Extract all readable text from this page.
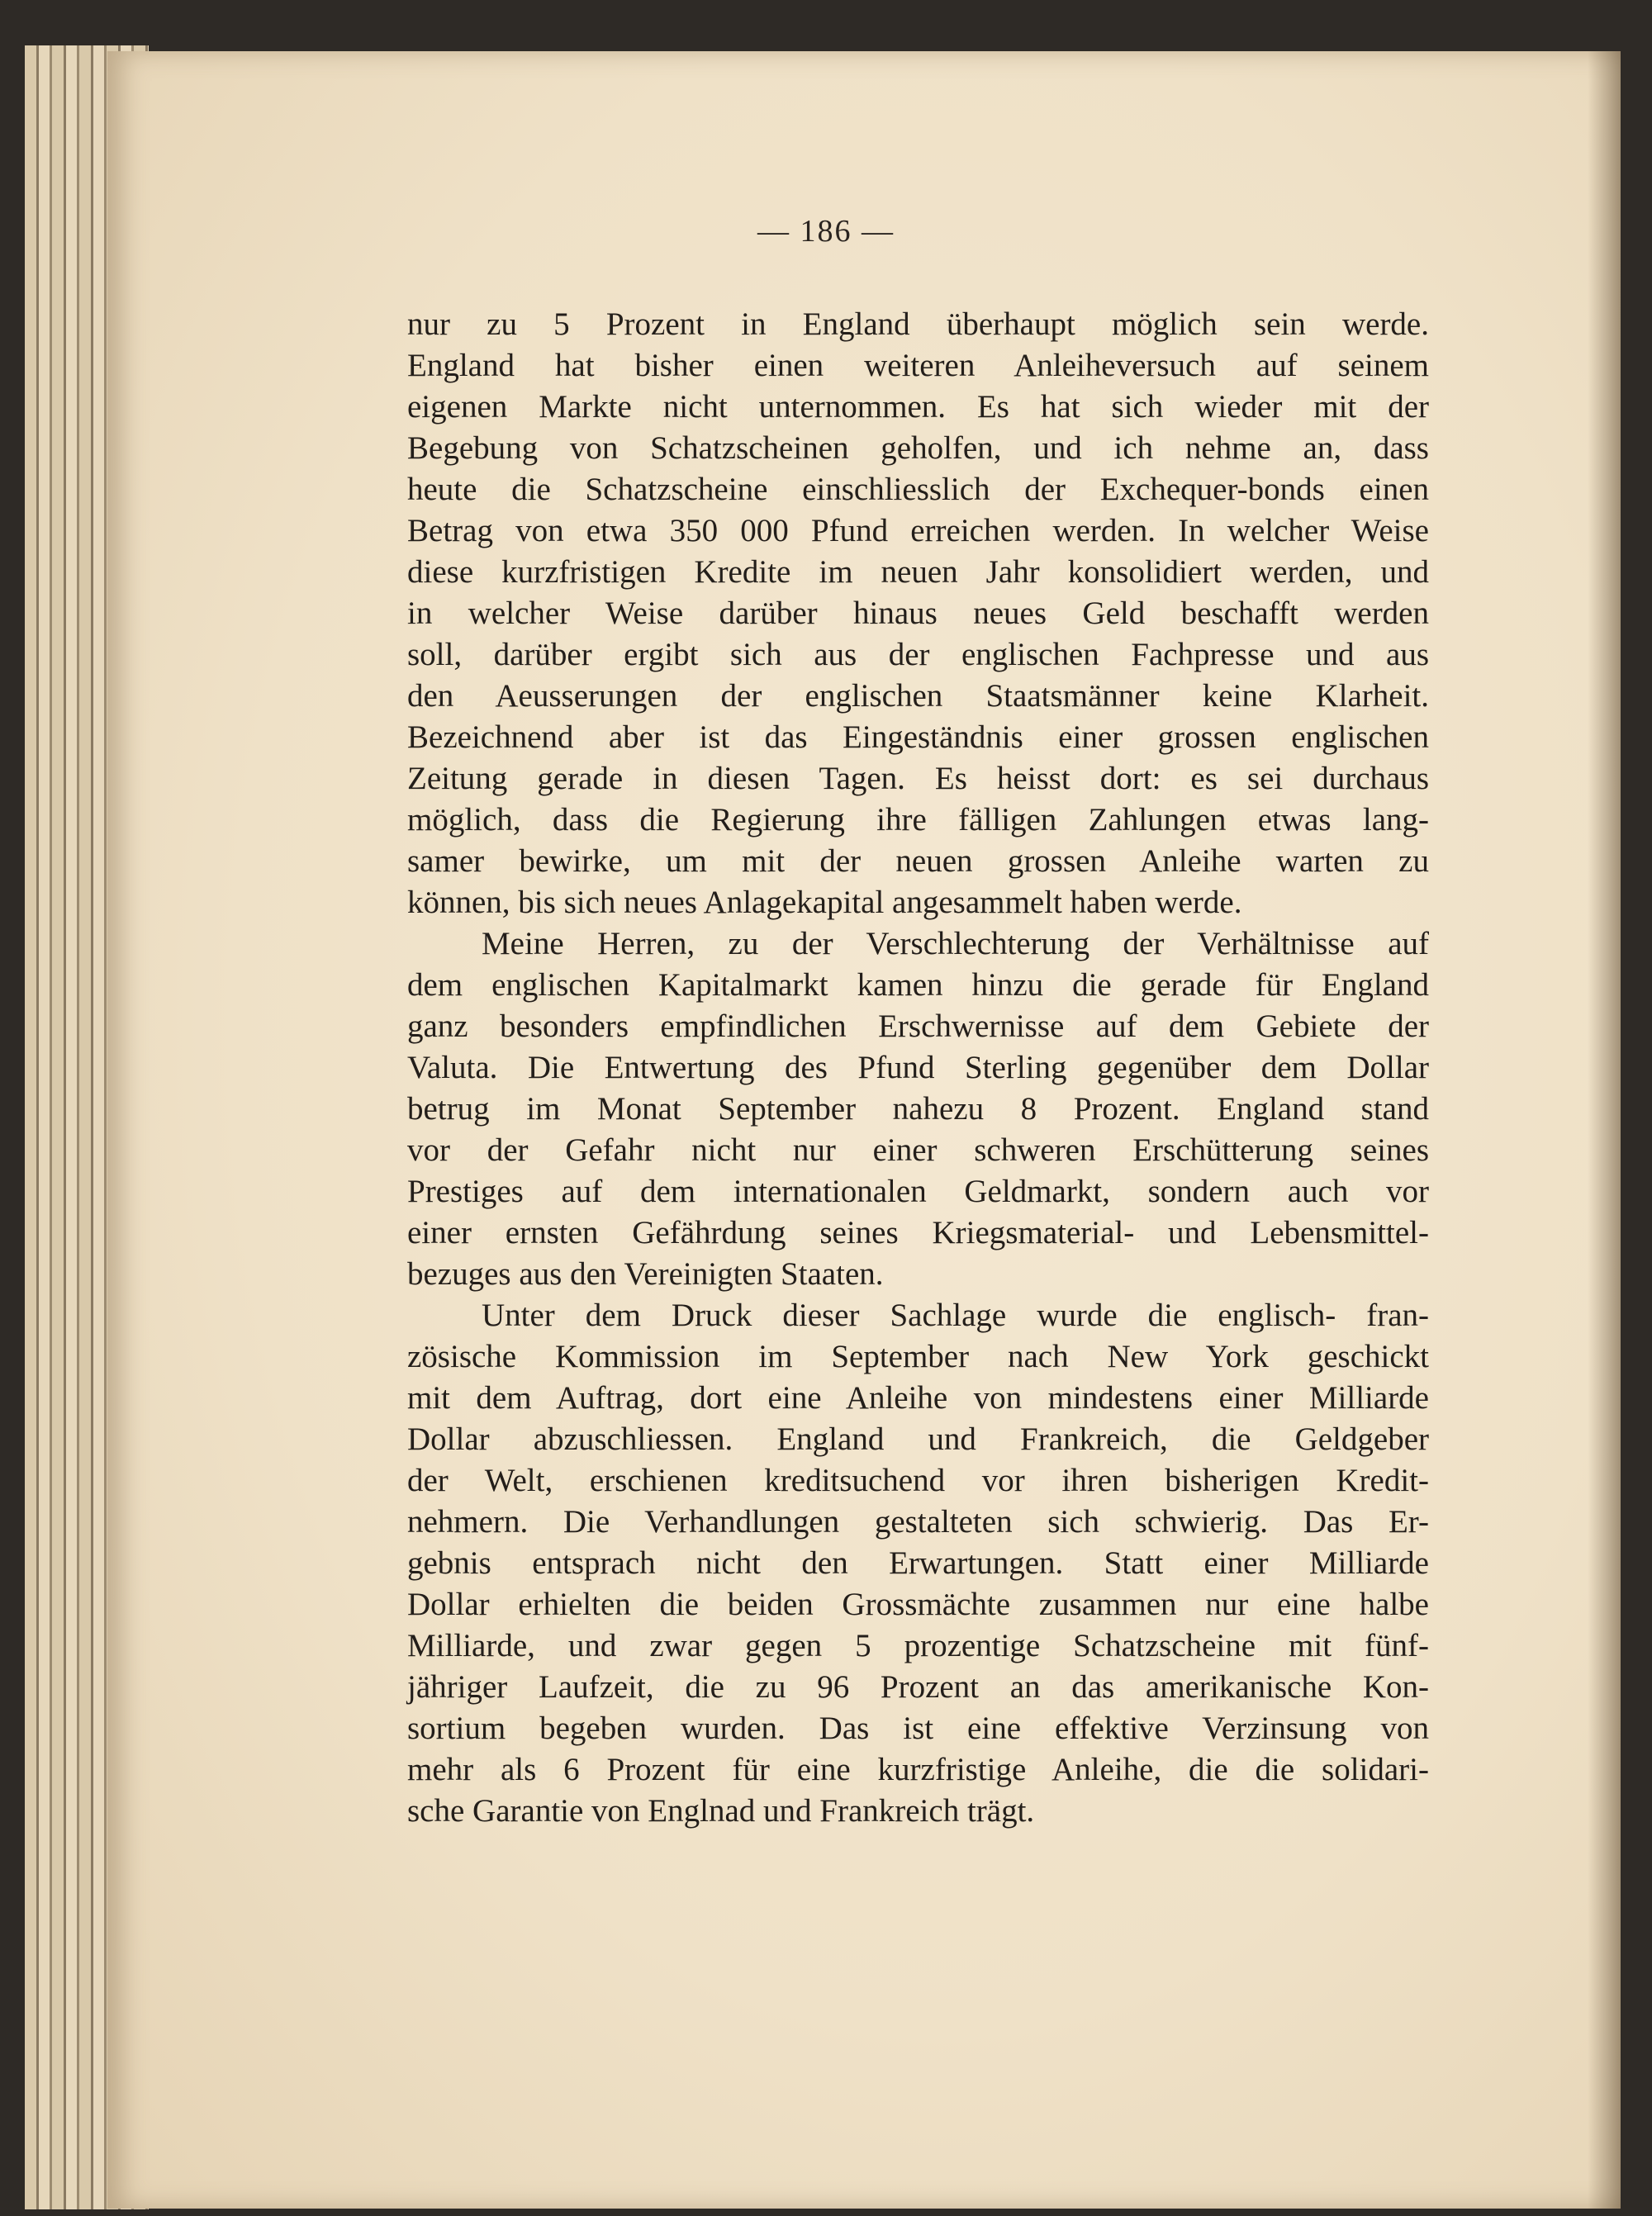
— 186 —
nur zu 5 Prozent in England überhaupt möglich sein werde.
England hat bisher einen weiteren Anleiheversuch auf seinem
eigenen Markte nicht unternommen. Es hat sich wieder mit der
Begebung von Schatzscheinen geholfen, und ich nehme an, dass
heute die Schatzscheine einschliesslich der Exchequer-bonds einen
Betrag von etwa 350 000 Pfund erreichen werden. In welcher Weise
diese kurzfristigen Kredite im neuen Jahr konsolidiert werden, und
in welcher Weise darüber hinaus neues Geld beschafft werden
soll, darüber ergibt sich aus der englischen Fachpresse und aus
den Aeusserungen der englischen Staatsmänner keine Klarheit.
Bezeichnend aber ist das Eingeständnis einer grossen englischen
Zeitung gerade in diesen Tagen. Es heisst dort: es sei durchaus
möglich, dass die Regierung ihre fälligen Zahlungen etwas lang-
samer bewirke, um mit der neuen grossen Anleihe warten zu
können, bis sich neues Anlagekapital angesammelt haben werde.
Meine Herren, zu der Verschlechterung der Verhältnisse auf
dem englischen Kapitalmarkt kamen hinzu die gerade für England
ganz besonders empfindlichen Erschwernisse auf dem Gebiete der
Valuta. Die Entwertung des Pfund Sterling gegenüber dem Dollar
betrug im Monat September nahezu 8 Prozent. England stand
vor der Gefahr nicht nur einer schweren Erschütterung seines
Prestiges auf dem internationalen Geldmarkt, sondern auch vor
einer ernsten Gefährdung seines Kriegsmaterial- und Lebensmittel-
bezuges aus den Vereinigten Staaten.
Unter dem Druck dieser Sachlage wurde die englisch- fran-
zösische Kommission im September nach New York geschickt
mit dem Auftrag, dort eine Anleihe von mindestens einer Milliarde
Dollar abzuschliessen. England und Frankreich, die Geldgeber
der Welt, erschienen kreditsuchend vor ihren bisherigen Kredit-
nehmern. Die Verhandlungen gestalteten sich schwierig. Das Er-
gebnis entsprach nicht den Erwartungen. Statt einer Milliarde
Dollar erhielten die beiden Grossmächte zusammen nur eine halbe
Milliarde, und zwar gegen 5 prozentige Schatzscheine mit fünf-
jähriger Laufzeit, die zu 96 Prozent an das amerikanische Kon-
sortium begeben wurden. Das ist eine effektive Verzinsung von
mehr als 6 Prozent für eine kurzfristige Anleihe, die die solidari-
sche Garantie von Englnad und Frankreich trägt.
